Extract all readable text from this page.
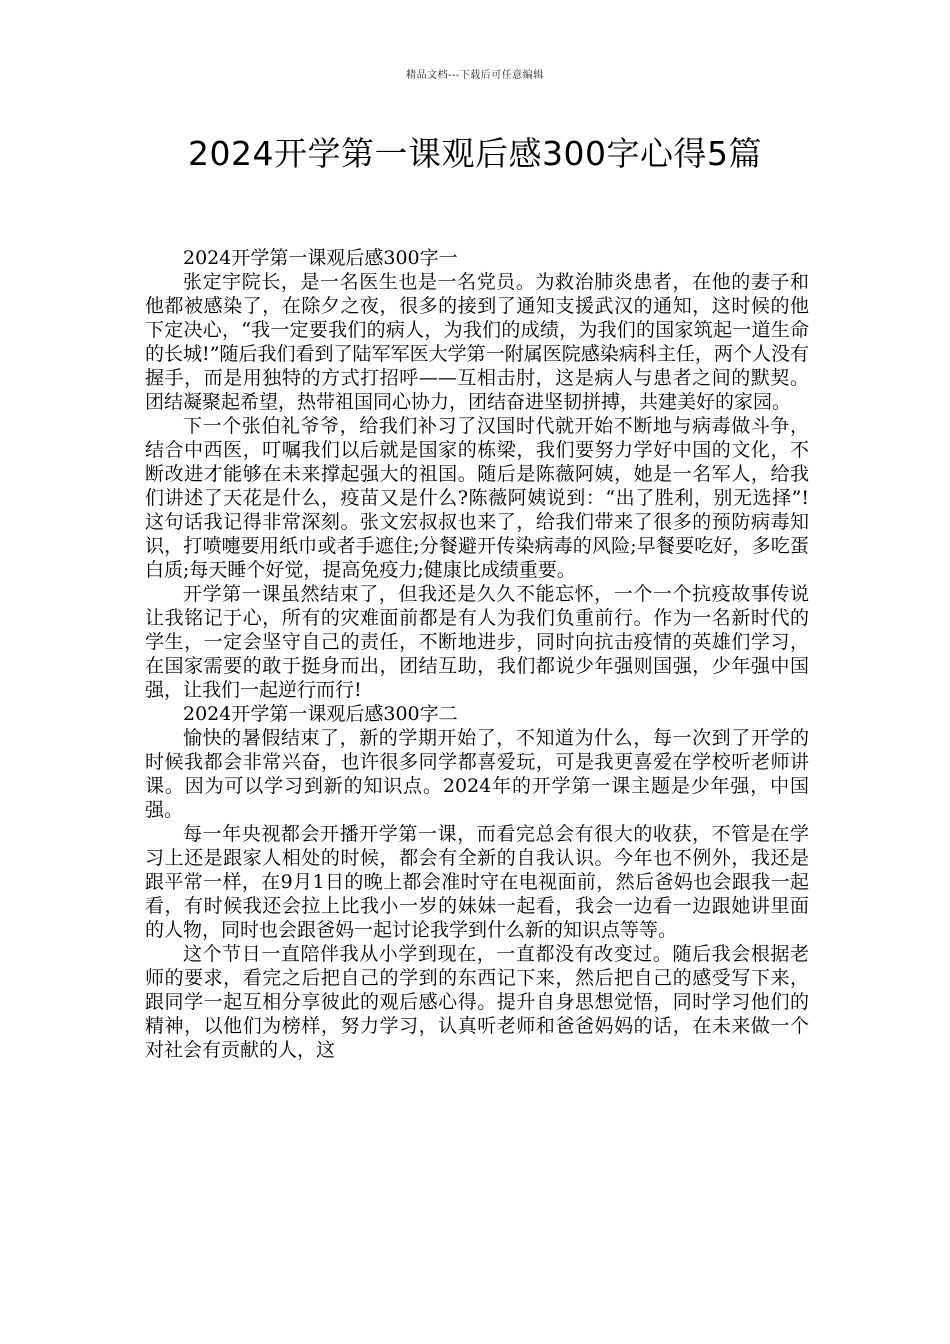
精品文档---下载后可任意编辑
2024开学第一课观后感300字心得5篇

2024开学第一课观后感300字一

张定宇院长，是一名医生也是一名党员。为救治肺炎患者，在他的妻子和他都被感染了，在除夕之夜，很多的接到了通知支援武汉的通知，这时候的他下定决心，“我一定要我们的病人，为我们的成绩，为我们的国家筑起一道生命的长城!”随后我们看到了陆军军医大学第一附属医院感染病科主任，两个人没有握手，而是用独特的方式打招呼——互相击肘，这是病人与患者之间的默契。团结凝聚起希望，热带祖国同心协力，团结奋进坚韧拼搏，共建美好的家园。

下一个张伯礼爷爷，给我们补习了汉国时代就开始不断地与病毒做斗争，结合中西医，叮嘱我们以后就是国家的栋梁，我们要努力学好中国的文化，不断改进才能够在未来撑起强大的祖国。随后是陈薇阿姨，她是一名军人，给我们讲述了天花是什么，疫苗又是什么?陈薇阿姨说到：“出了胜利，别无选择”!这句话我记得非常深刻。张文宏叔叔也来了，给我们带来了很多的预防病毒知识，打喷嚏要用纸巾或者手遮住;分餐避开传染病毒的风险;早餐要吃好，多吃蛋白质;每天睡个好觉，提高免疫力;健康比成绩重要。

开学第一课虽然结束了，但我还是久久不能忘怀，一个一个抗疫故事传说让我铭记于心，所有的灾难面前都是有人为我们负重前行。作为一名新时代的学生，一定会坚守自己的责任，不断地进步，同时向抗击疫情的英雄们学习，在国家需要的敢于挺身而出，团结互助，我们都说少年强则国强，少年强中国强，让我们一起逆行而行!

2024开学第一课观后感300字二

愉快的暑假结束了，新的学期开始了，不知道为什么，每一次到了开学的时候我都会非常兴奋，也许很多同学都喜爱玩，可是我更喜爱在学校听老师讲课。因为可以学习到新的知识点。2024年的开学第一课主题是少年强，中国强。

每一年央视都会开播开学第一课，而看完总会有很大的收获，不管是在学习上还是跟家人相处的时候，都会有全新的自我认识。今年也不例外，我还是跟平常一样，在9月1日的晚上都会准时守在电视面前，然后爸妈也会跟我一起看，有时候我还会拉上比我小一岁的妹妹一起看，我会一边看一边跟她讲里面的人物，同时也会跟爸妈一起讨论我学到什么新的知识点等等。

这个节日一直陪伴我从小学到现在，一直都没有改变过。随后我会根据老师的要求，看完之后把自己的学到的东西记下来，然后把自己的感受写下来，跟同学一起互相分享彼此的观后感心得。提升自身思想觉悟，同时学习他们的精神，以他们为榜样，努力学习，认真听老师和爸爸妈妈的话，在未来做一个对社会有贡献的人，这
